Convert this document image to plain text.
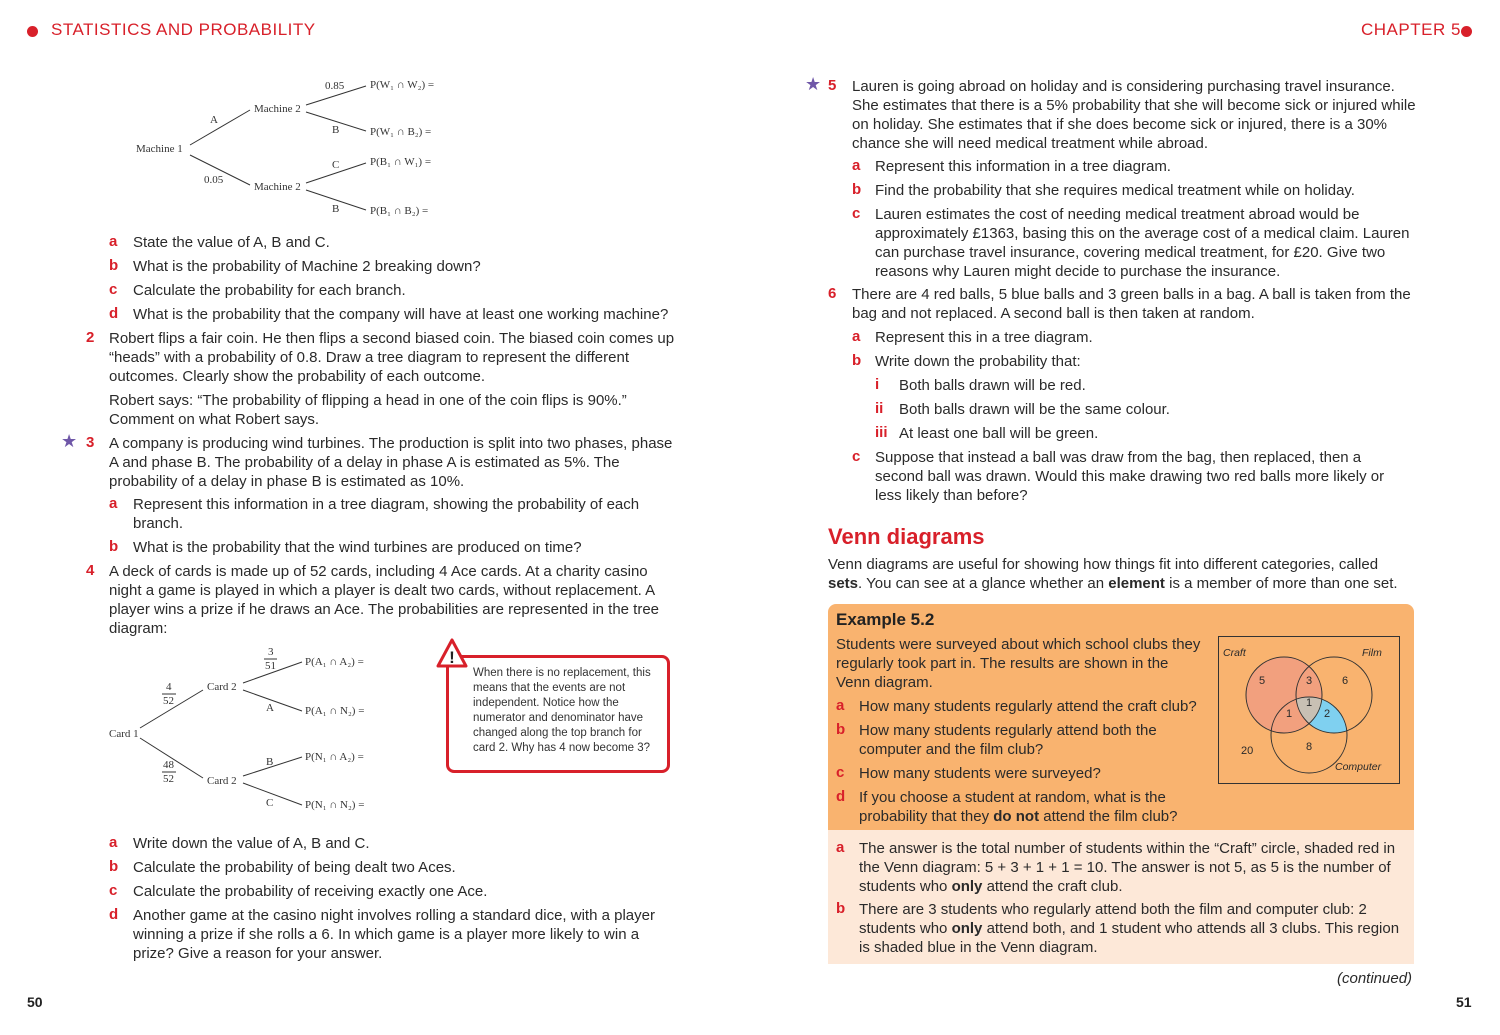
STATISTICS AND PROBABILITY	CHAPTER 5
Machine 1
Machine 2
Machine 2
A
0.05
0.85
B
C
B
P(W₁ ∩ W₂) =
P(W₁ ∩ B₂) =
P(B₁ ∩ W₁) =
P(B₁ ∩ B₂) =
a State the value of A, B and C.
b What is the probability of Machine 2 breaking down?
c Calculate the probability for each branch.
d What is the probability that the company will have at least one working machine?
2 Robert flips a fair coin. He then flips a second biased coin. The biased coin comes up “heads” with a probability of 0.8. Draw a tree diagram to represent the different outcomes. Clearly show the probability of each outcome.
Robert says: “The probability of flipping a head in one of the coin flips is 90%.” Comment on what Robert says.
★ 3 A company is producing wind turbines. The production is split into two phases, phase A and phase B. The probability of a delay in phase A is estimated as 5%. The probability of a delay in phase B is estimated as 10%.
a Represent this information in a tree diagram, showing the probability of each branch.
b What is the probability that the wind turbines are produced on time?
4 A deck of cards is made up of 52 cards, including 4 Ace cards. At a charity casino night a game is played in which a player is dealt two cards, without replacement. A player wins a prize if he draws an Ace. The probabilities are represented in the tree diagram:
Card 1
Card 2
Card 2
4
52
48
52
3
51
A
B
C
P(A₁ ∩ A₂) =
P(A₁ ∩ N₂) =
P(N₁ ∩ A₂) =
P(N₁ ∩ N₂) =
When there is no replacement, this means that the events are not independent. Notice how the numerator and denominator have changed along the top branch for card 2. Why has 4 now become 3?
!
a Write down the value of A, B and C.
b Calculate the probability of being dealt two Aces.
c Calculate the probability of receiving exactly one Ace.
d Another game at the casino night involves rolling a standard dice, with a player winning a prize if she rolls a 6. In which game is a player more likely to win a prize? Give a reason for your answer.
50
★ 5 Lauren is going abroad on holiday and is considering purchasing travel insurance. She estimates that there is a 5% probability that she will become sick or injured while on holiday. She estimates that if she does become sick or injured, there is a 30% chance she will need medical treatment while abroad.
a Represent this information in a tree diagram.
b Find the probability that she requires medical treatment while on holiday.
c Lauren estimates the cost of needing medical treatment abroad would be approximately £1363, basing this on the average cost of a medical claim. Lauren can purchase travel insurance, covering medical treatment, for £20. Give two reasons why Lauren might decide to purchase the insurance.
6 There are 4 red balls, 5 blue balls and 3 green balls in a bag. A ball is taken from the bag and not replaced. A second ball is then taken at random.
a Represent this in a tree diagram.
b Write down the probability that:
i Both balls drawn will be red.
ii Both balls drawn will be the same colour.
iii At least one ball will be green.
c Suppose that instead a ball was draw from the bag, then replaced, then a second ball was drawn. Would this make drawing two red balls more likely or less likely than before?
Venn diagrams
Venn diagrams are useful for showing how things fit into different categories, called sets. You can see at a glance whether an element is a member of more than one set.
Example 5.2
Students were surveyed about which school clubs they regularly took part in. The results are shown in the Venn diagram.
a How many students regularly attend the craft club?
b How many students regularly attend both the computer and the film club?
c How many students were surveyed?
d If you choose a student at random, what is the probability that they do not attend the film club?
Craft	Film
Computer
5	3	6
1
1	2
8
20
a The answer is the total number of students within the “Craft” circle, shaded red in the Venn diagram: 5 + 3 + 1 + 1 = 10. The answer is not 5, as 5 is the number of students who only attend the craft club.
b There are 3 students who regularly attend both the film and computer club: 2 students who only attend both, and 1 student who attends all 3 clubs. This region is shaded blue in the Venn diagram.
(continued)
51
